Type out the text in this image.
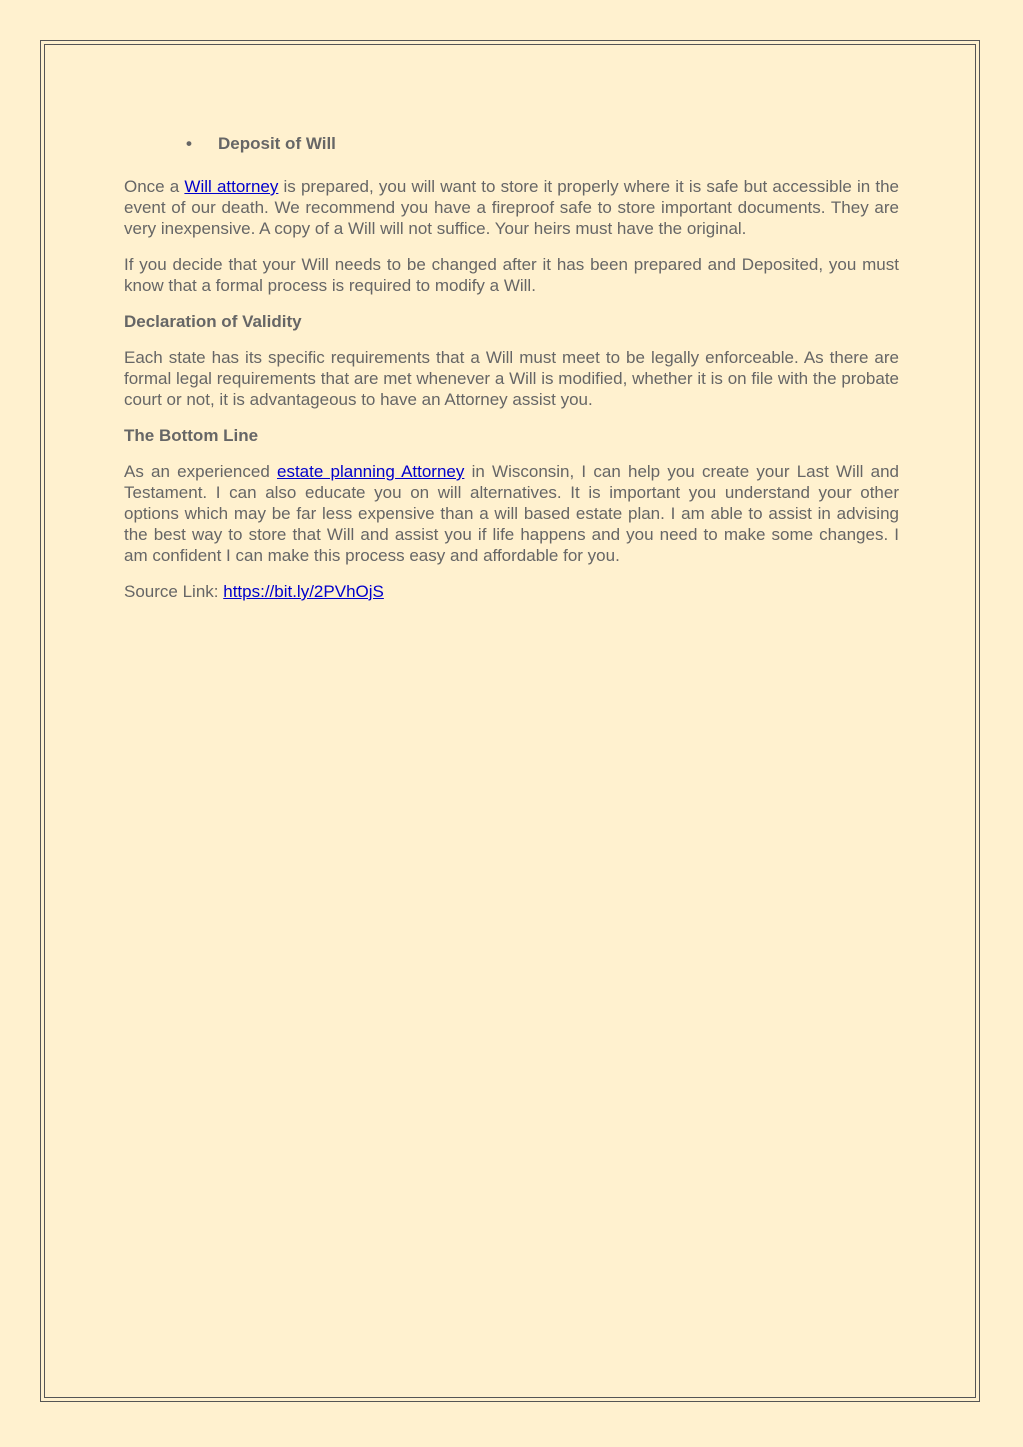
• Deposit of Will

Once a Will attorney is prepared, you will want to store it properly where it is safe but accessible in the event of our death. We recommend you have a fireproof safe to store important documents. They are very inexpensive. A copy of a Will will not suffice. Your heirs must have the original.

If you decide that your Will needs to be changed after it has been prepared and Deposited, you must know that a formal process is required to modify a Will.

Declaration of Validity

Each state has its specific requirements that a Will must meet to be legally enforceable. As there are formal legal requirements that are met whenever a Will is modified, whether it is on file with the probate court or not, it is advantageous to have an Attorney assist you.

The Bottom Line

As an experienced estate planning Attorney in Wisconsin, I can help you create your Last Will and Testament. I can also educate you on will alternatives. It is important you understand your other options which may be far less expensive than a will based estate plan. I am able to assist in advising the best way to store that Will and assist you if life happens and you need to make some changes. I am confident I can make this process easy and affordable for you.

Source Link: https://bit.ly/2PVhOjS
